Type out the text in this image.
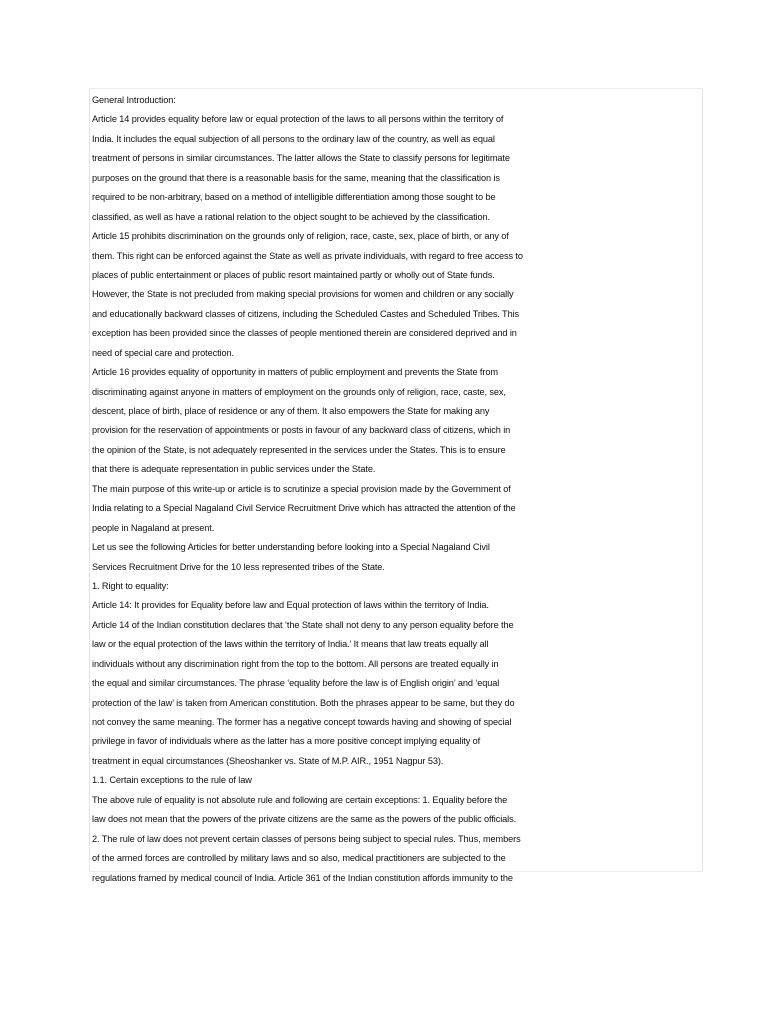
General Introduction:
Article 14 provides equality before law or equal protection of the laws to all persons within the territory of
India. It includes the equal subjection of all persons to the ordinary law of the country, as well as equal
treatment of persons in similar circumstances. The latter allows the State to classify persons for legitimate
purposes on the ground that there is a reasonable basis for the same, meaning that the classification is
required to be non-arbitrary, based on a method of intelligible differentiation among those sought to be
classified, as well as have a rational relation to the object sought to be achieved by the classification.
Article 15 prohibits discrimination on the grounds only of religion, race, caste, sex, place of birth, or any of
them. This right can be enforced against the State as well as private individuals, with regard to free access to
places of public entertainment or places of public resort maintained partly or wholly out of State funds.
However, the State is not precluded from making special provisions for women and children or any socially
and educationally backward classes of citizens, including the Scheduled Castes and Scheduled Tribes. This
exception has been provided since the classes of people mentioned therein are considered deprived and in
need of special care and protection.
Article 16 provides equality of opportunity in matters of public employment and prevents the State from
discriminating against anyone in matters of employment on the grounds only of religion, race, caste, sex,
descent, place of birth, place of residence or any of them. It also empowers the State for making any
provision for the reservation of appointments or posts in favour of any backward class of citizens, which in
the opinion of the State, is not adequately represented in the services under the States. This is to ensure
that there is adequate representation in public services under the State.
The main purpose of this write-up or article is to scrutinize a special provision made by the Government of
India relating to a Special Nagaland Civil Service Recruitment Drive which has attracted the attention of the
people in Nagaland at present.
Let us see the following Articles for better understanding before looking into a Special Nagaland Civil
Services Recruitment Drive for the 10 less represented tribes of the State.
1. Right to equality:
Article 14: It provides for Equality before law and Equal protection of laws within the territory of India.
Article 14 of the Indian constitution declares that ‘the State shall not deny to any person equality before the
law or the equal protection of the laws within the territory of India.’ It means that law treats equally all
individuals without any discrimination right from the top to the bottom. All persons are treated equally in
the equal and similar circumstances. The phrase ‘equality before the law is of English origin’ and ‘equal
protection of the law’ is taken from American constitution. Both the phrases appear to be same, but they do
not convey the same meaning. The former has a negative concept towards having and showing of special
privilege in favor of individuals where as the latter has a more positive concept implying equality of
treatment in equal circumstances (Sheoshanker vs. State of M.P. AIR., 1951 Nagpur 53).
1.1. Certain exceptions to the rule of law
The above rule of equality is not absolute rule and following are certain exceptions: 1. Equality before the
law does not mean that the powers of the private citizens are the same as the powers of the public officials.
2. The rule of law does not prevent certain classes of persons being subject to special rules. Thus, members
of the armed forces are controlled by military laws and so also, medical practitioners are subjected to the
regulations framed by medical council of India. Article 361 of the Indian constitution affords immunity to the
